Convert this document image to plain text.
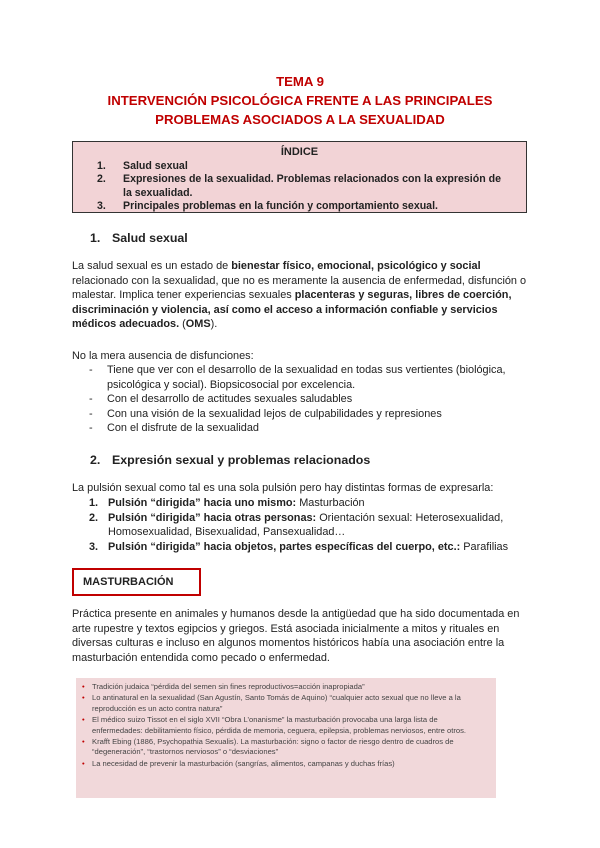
TEMA 9
INTERVENCIÓN PSICOLÓGICA FRENTE A LAS PRINCIPALES
PROBLEMAS ASOCIADOS A LA SEXUALIDAD
ÍNDICE
1. Salud sexual
2. Expresiones de la sexualidad. Problemas relacionados con la expresión de la sexualidad.
3. Principales problemas en la función y comportamiento sexual.
1. Salud sexual
La salud sexual es un estado de bienestar físico, emocional, psicológico y social relacionado con la sexualidad, que no es meramente la ausencia de enfermedad, disfunción o malestar. Implica tener experiencias sexuales placenteras y seguras, libres de coerción, discriminación y violencia, así como el acceso a información confiable y servicios médicos adecuados. (OMS).
No la mera ausencia de disfunciones:
- Tiene que ver con el desarrollo de la sexualidad en todas sus vertientes (biológica, psicológica y social). Biopsicosocial por excelencia.
- Con el desarrollo de actitudes sexuales saludables
- Con una visión de la sexualidad lejos de culpabilidades y represiones
- Con el disfrute de la sexualidad
2. Expresión sexual y problemas relacionados
La pulsión sexual como tal es una sola pulsión pero hay distintas formas de expresarla:
1. Pulsión “dirigida” hacia uno mismo: Masturbación
2. Pulsión “dirigida” hacia otras personas: Orientación sexual: Heterosexualidad, Homosexualidad, Bisexualidad, Pansexualidad…
3. Pulsión “dirigida” hacia objetos, partes específicas del cuerpo, etc.: Parafilias
MASTURBACIÓN
Práctica presente en animales y humanos desde la antigüedad que ha sido documentada en arte rupestre y textos egipcios y griegos. Está asociada inicialmente a mitos y rituales en diversas culturas e incluso en algunos momentos históricos había una asociación entre la masturbación entendida como pecado o enfermedad.
• Tradición judaica “pérdida del semen sin fines reproductivos=acción inapropiada”
• Lo antinatural en la sexualidad (San Agustín, Santo Tomás de Aquino) “cualquier acto sexual que no lleve a la reproducción es un acto contra natura”
• El médico suizo Tissot en el siglo XVII “Obra L’onanisme” la masturbación provocaba una larga lista de enfermedades: debilitamiento físico, pérdida de memoria, ceguera, epilepsia, problemas nerviosos, entre otros.
• Krafft Ebing (1886, Psychopathia Sexualis). La masturbación: signo o factor de riesgo dentro de cuadros de “degeneración”, “trastornos nerviosos” o “desviaciones”
• La necesidad de prevenir la masturbación (sangrías, alimentos, campanas y duchas frías)
